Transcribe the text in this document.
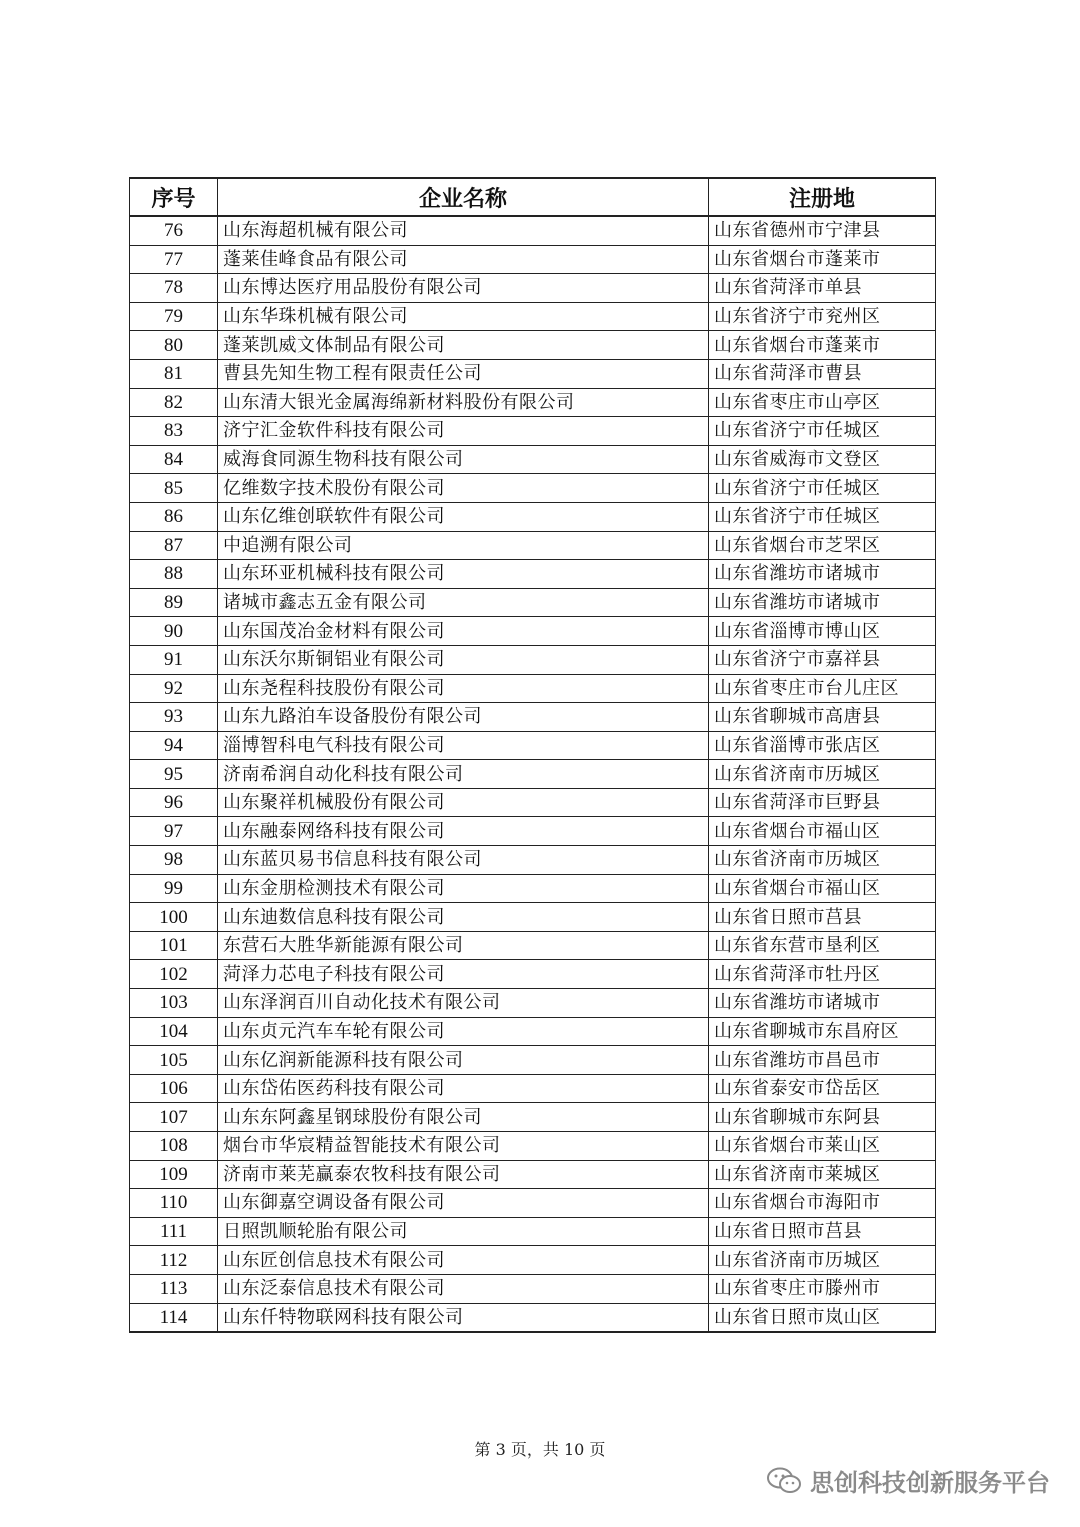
序号	企业名称	注册地
76	山东海超机械有限公司	山东省德州市宁津县
77	蓬莱佳峰食品有限公司	山东省烟台市蓬莱市
78	山东博达医疗用品股份有限公司	山东省菏泽市单县
79	山东华珠机械有限公司	山东省济宁市兖州区
80	蓬莱凯威文体制品有限公司	山东省烟台市蓬莱市
81	曹县先知生物工程有限责任公司	山东省菏泽市曹县
82	山东清大银光金属海绵新材料股份有限公司	山东省枣庄市山亭区
83	济宁汇金软件科技有限公司	山东省济宁市任城区
84	威海食同源生物科技有限公司	山东省威海市文登区
85	亿维数字技术股份有限公司	山东省济宁市任城区
86	山东亿维创联软件有限公司	山东省济宁市任城区
87	中追溯有限公司	山东省烟台市芝罘区
88	山东环亚机械科技有限公司	山东省潍坊市诸城市
89	诸城市鑫志五金有限公司	山东省潍坊市诸城市
90	山东国茂冶金材料有限公司	山东省淄博市博山区
91	山东沃尔斯铜铝业有限公司	山东省济宁市嘉祥县
92	山东尧程科技股份有限公司	山东省枣庄市台儿庄区
93	山东九路泊车设备股份有限公司	山东省聊城市高唐县
94	淄博智科电气科技有限公司	山东省淄博市张店区
95	济南希润自动化科技有限公司	山东省济南市历城区
96	山东聚祥机械股份有限公司	山东省菏泽市巨野县
97	山东融泰网络科技有限公司	山东省烟台市福山区
98	山东蓝贝易书信息科技有限公司	山东省济南市历城区
99	山东金朋检测技术有限公司	山东省烟台市福山区
100	山东迪数信息科技有限公司	山东省日照市莒县
101	东营石大胜华新能源有限公司	山东省东营市垦利区
102	菏泽力芯电子科技有限公司	山东省菏泽市牡丹区
103	山东泽润百川自动化技术有限公司	山东省潍坊市诸城市
104	山东贞元汽车车轮有限公司	山东省聊城市东昌府区
105	山东亿润新能源科技有限公司	山东省潍坊市昌邑市
106	山东岱佑医药科技有限公司	山东省泰安市岱岳区
107	山东东阿鑫星钢球股份有限公司	山东省聊城市东阿县
108	烟台市华宸精益智能技术有限公司	山东省烟台市莱山区
109	济南市莱芜赢泰农牧科技有限公司	山东省济南市莱城区
110	山东御嘉空调设备有限公司	山东省烟台市海阳市
111	日照凯顺轮胎有限公司	山东省日照市莒县
112	山东匠创信息技术有限公司	山东省济南市历城区
113	山东泛泰信息技术有限公司	山东省枣庄市滕州市
114	山东仟特物联网科技有限公司	山东省日照市岚山区
第 3 页，共 10 页
思创科技创新服务平台
